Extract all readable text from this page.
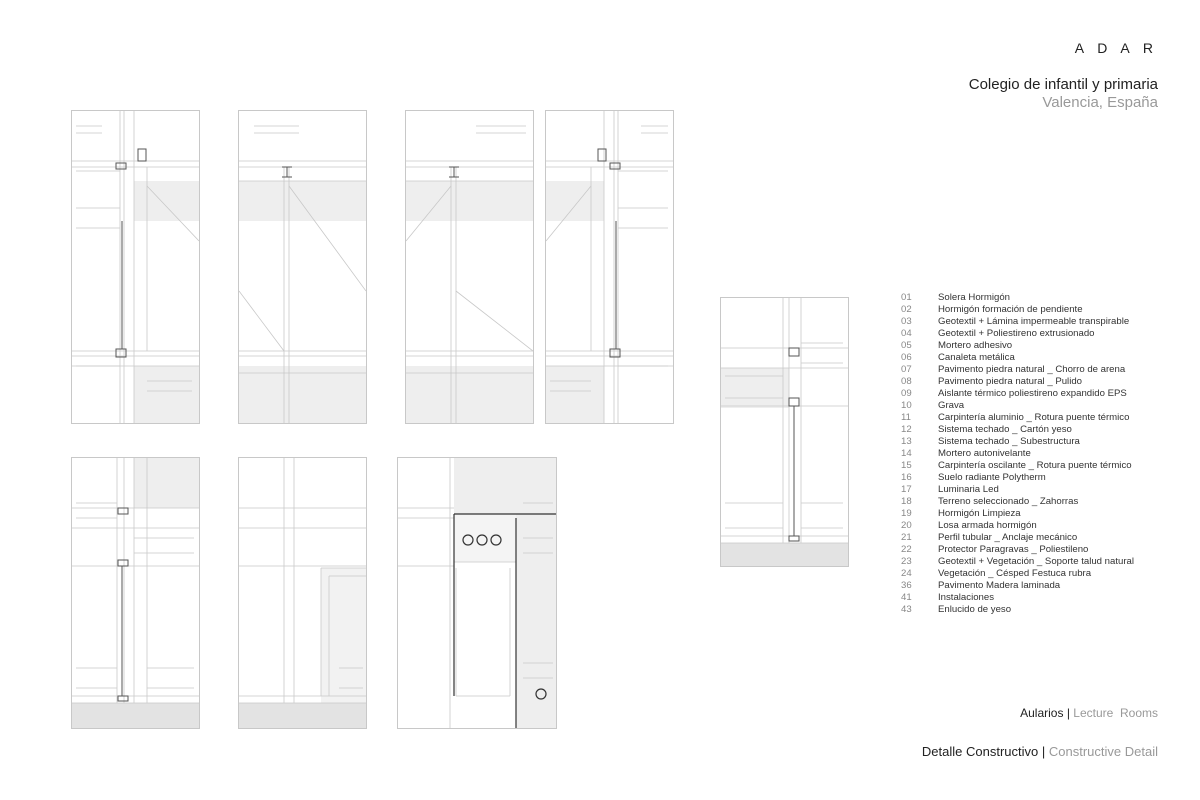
A D A R
Colegio de infantil y primaria
Valencia, España
01	Solera Hormigón
02	Hormigón formación de pendiente
03	Geotextil + Lámina impermeable transpirable
04	Geotextil + Poliestireno extrusionado
05	Mortero adhesivo
06	Canaleta metálica
07	Pavimento piedra natural _ Chorro de arena
08	Pavimento piedra natural _ Pulido
09	Aislante térmico poliestireno expandido EPS
10	Grava
11	Carpintería aluminio _ Rotura puente térmico
12	Sistema techado _ Cartón yeso
13	Sistema techado _ Subestructura
14	Mortero autonivelante
15	Carpintería oscilante _ Rotura puente térmico
16	Suelo radiante Polytherm
17	Luminaria Led
18	Terreno seleccionado _ Zahorras
19	Hormigón Limpieza
20	Losa armada hormigón
21	Perfil tubular _ Anclaje mecánico
22	Protector Paragravas _ Poliestileno
23	Geotextil + Vegetación _ Soporte talud natural
24	Vegetación _ Césped Festuca rubra
36	Pavimento Madera laminada
41	Instalaciones
43	Enlucido de yeso
Aularios | Lecture  Rooms
Detalle Constructivo | Constructive Detail
